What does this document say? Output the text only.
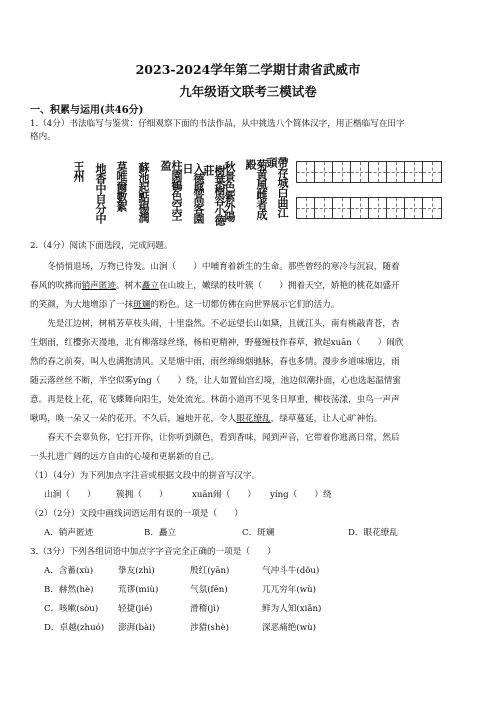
2023-2024学年第二学期甘肃省武威市
九年级语文联考三模试卷
一、积累与运用(共46分)
1.（4分）书法临写与鉴赏：仔细观察下面的书法作品，从中挑选八个简体汉字，用正楷临写在田字
格内。
帶存城白曲江頭
菊黄風雌者成殿
秋景色紫外陽
樹葉樹容小德莊
入德縣高客園日
柱園鶴色空空盈
蘇池起點楊潤
莫唯爾數絮
地香中自分中
王州
2.（4分）阅读下面选段，完成问题。
冬悄悄退场，万物已待发。山涧（　　）中哺育着新生的生命。那些曾经的寒冷与沉寂，随着
春风的吹拂而销声匿迹。树木矗立在山坡上，嫩绿的枝叶簇（　　）拥着天空，娇艳的桃花如盛开
的笑颜，为大地增添了一抹斑斓的粉色。这一切都仿佛在向世界展示它们的活力。
先是江边树，树梢芳草枝头闹，十里盎然。不必远望长山如黛，且就江头，南有桃敲青苍，杏
生烟雨，红樱弥天漫地，北有柳落绿丝绦，杨柏更精神，野蔓缠枝作春草，掀起xuān（　　）闹欣
然的春之前奏，叫人也满抱清风。又是塘中雨，雨丝绵绵烟驰脉，春也多情。漫步乡道味塘边，雨
随云落丝丝不断，半空似雾yíng（　　）绕，让人如置仙宫幻境，池边似潮扑面，心也选起温情蜜
意。再是枝上花，花飞蝶舞向阳生，处处流光。林荫小道再不见冬日厚重，柳枝荡漾，虫鸟一声声
啾鸣，唤一朵又一朵的花开。不久后，遍地开花，令人眼花缭乱，绿草蔓延，让人心旷神怡。
春天不会辜负你，它打开你，让你听到颜色，看到香味，闻到声音，它带着你逃离日常，然后
一头扎进广阔的远方自由的心境和更崭新的自己。
（1）（4分）为下列加点字注音或根据文段中的拼音写汉字。
山涧（　　） 簇拥（　　）	xuān闹（　　） yíng（　　）绕
（2）（2分）文段中画线词语运用有误的一项是（　　）
A．销声匿迹	B．矗立	C．斑斓	D．眼花缭乱
3.（3分）下列各组词语中加点字字音完全正确的一项是（　　）
A．含蓄(xù)	挚友(zhì)	殷红(yān)	气冲斗牛(dǒu)
B．赫然(hè)	荒谬(miù)	气氛(fēn)	兀兀穷年(wù)
C．咳嗽(sòu) 轻捷(jié)	滑稽(jì)	鲜为人知(xiǎn)
D．卓越(zhuó) 澎湃(bài)	涉猎(shè)	深恶痛绝(wù)
